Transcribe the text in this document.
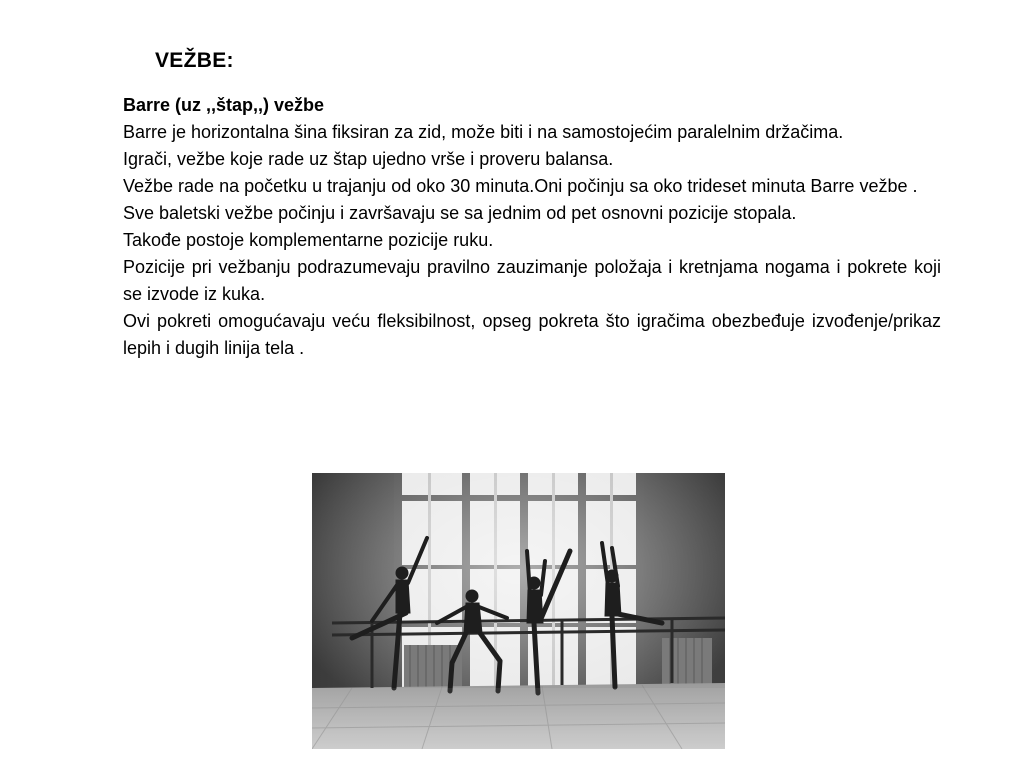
VEŽBE:

Barre (uz ,,štap,,) vežbe

Barre je horizontalna šina fiksiran za zid, može biti i na samostojećim paralelnim držačima.

Igrači, vežbe koje rade uz štap ujedno vrše i proveru balansa.

Vežbe rade na početku u trajanju od oko 30 minuta.Oni počinju sa oko trideset minuta Barre vežbe .

Sve baletski vežbe počinju i završavaju se sa jednim od pet osnovni pozicije stopala.

Takođe postoje komplementarne pozicije ruku.

Pozicije pri vežbanju podrazumevaju pravilno zauzimanje položaja i kretnjama nogama i pokrete koji se izvode iz kuka.

Ovi pokreti omogućavaju veću fleksibilnost, opseg pokreta što igračima obezbeđuje izvođenje/prikaz lepih i dugih linija tela .
